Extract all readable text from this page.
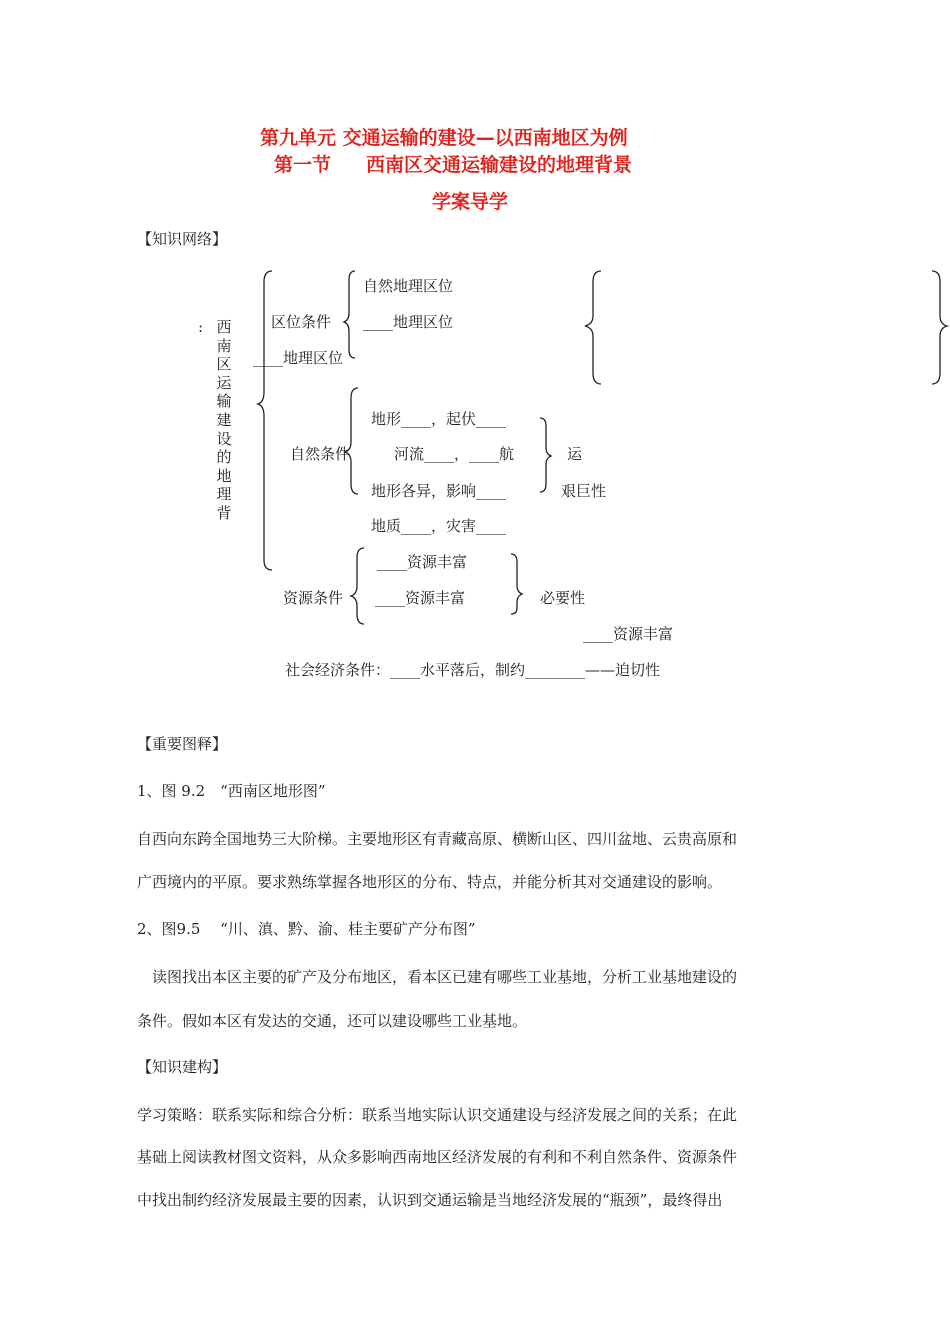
第九单元 交通运输的建设—以西南地区为例
第一节 西南区交通运输建设的地理背景
学案导学
【知识网络】
: 西南区运输建设的地理背
区位条件
____地理区位
自然地理区位
____地理区位
自然条件
地形____，起伏____
河流____，____航
地形各异，影响____
地质____，灾害____
运
艰巨性
资源条件
____资源丰富
____资源丰富	必要性
____资源丰富
社会经济条件：____水平落后，制约________——迫切性
【重要图释】
1、图 9.2　“西南区地形图”
自西向东跨全国地势三大阶梯。主要地形区有青藏高原、横断山区、四川盆地、云贵高原和
广西境内的平原。要求熟练掌握各地形区的分布、特点，并能分析其对交通建设的影响。
2、图9.5　 “川、滇、黔、渝、桂主要矿产分布图”
读图找出本区主要的矿产及分布地区，看本区已建有哪些工业基地，分析工业基地建设的
条件。假如本区有发达的交通，还可以建设哪些工业基地。
【知识建构】
学习策略：联系实际和综合分析：联系当地实际认识交通建设与经济发展之间的关系；在此
基础上阅读教材图文资料，从众多影响西南地区经济发展的有利和不利自然条件、资源条件
中找出制约经济发展最主要的因素，认识到交通运输是当地经济发展的“瓶颈”，最终得出
